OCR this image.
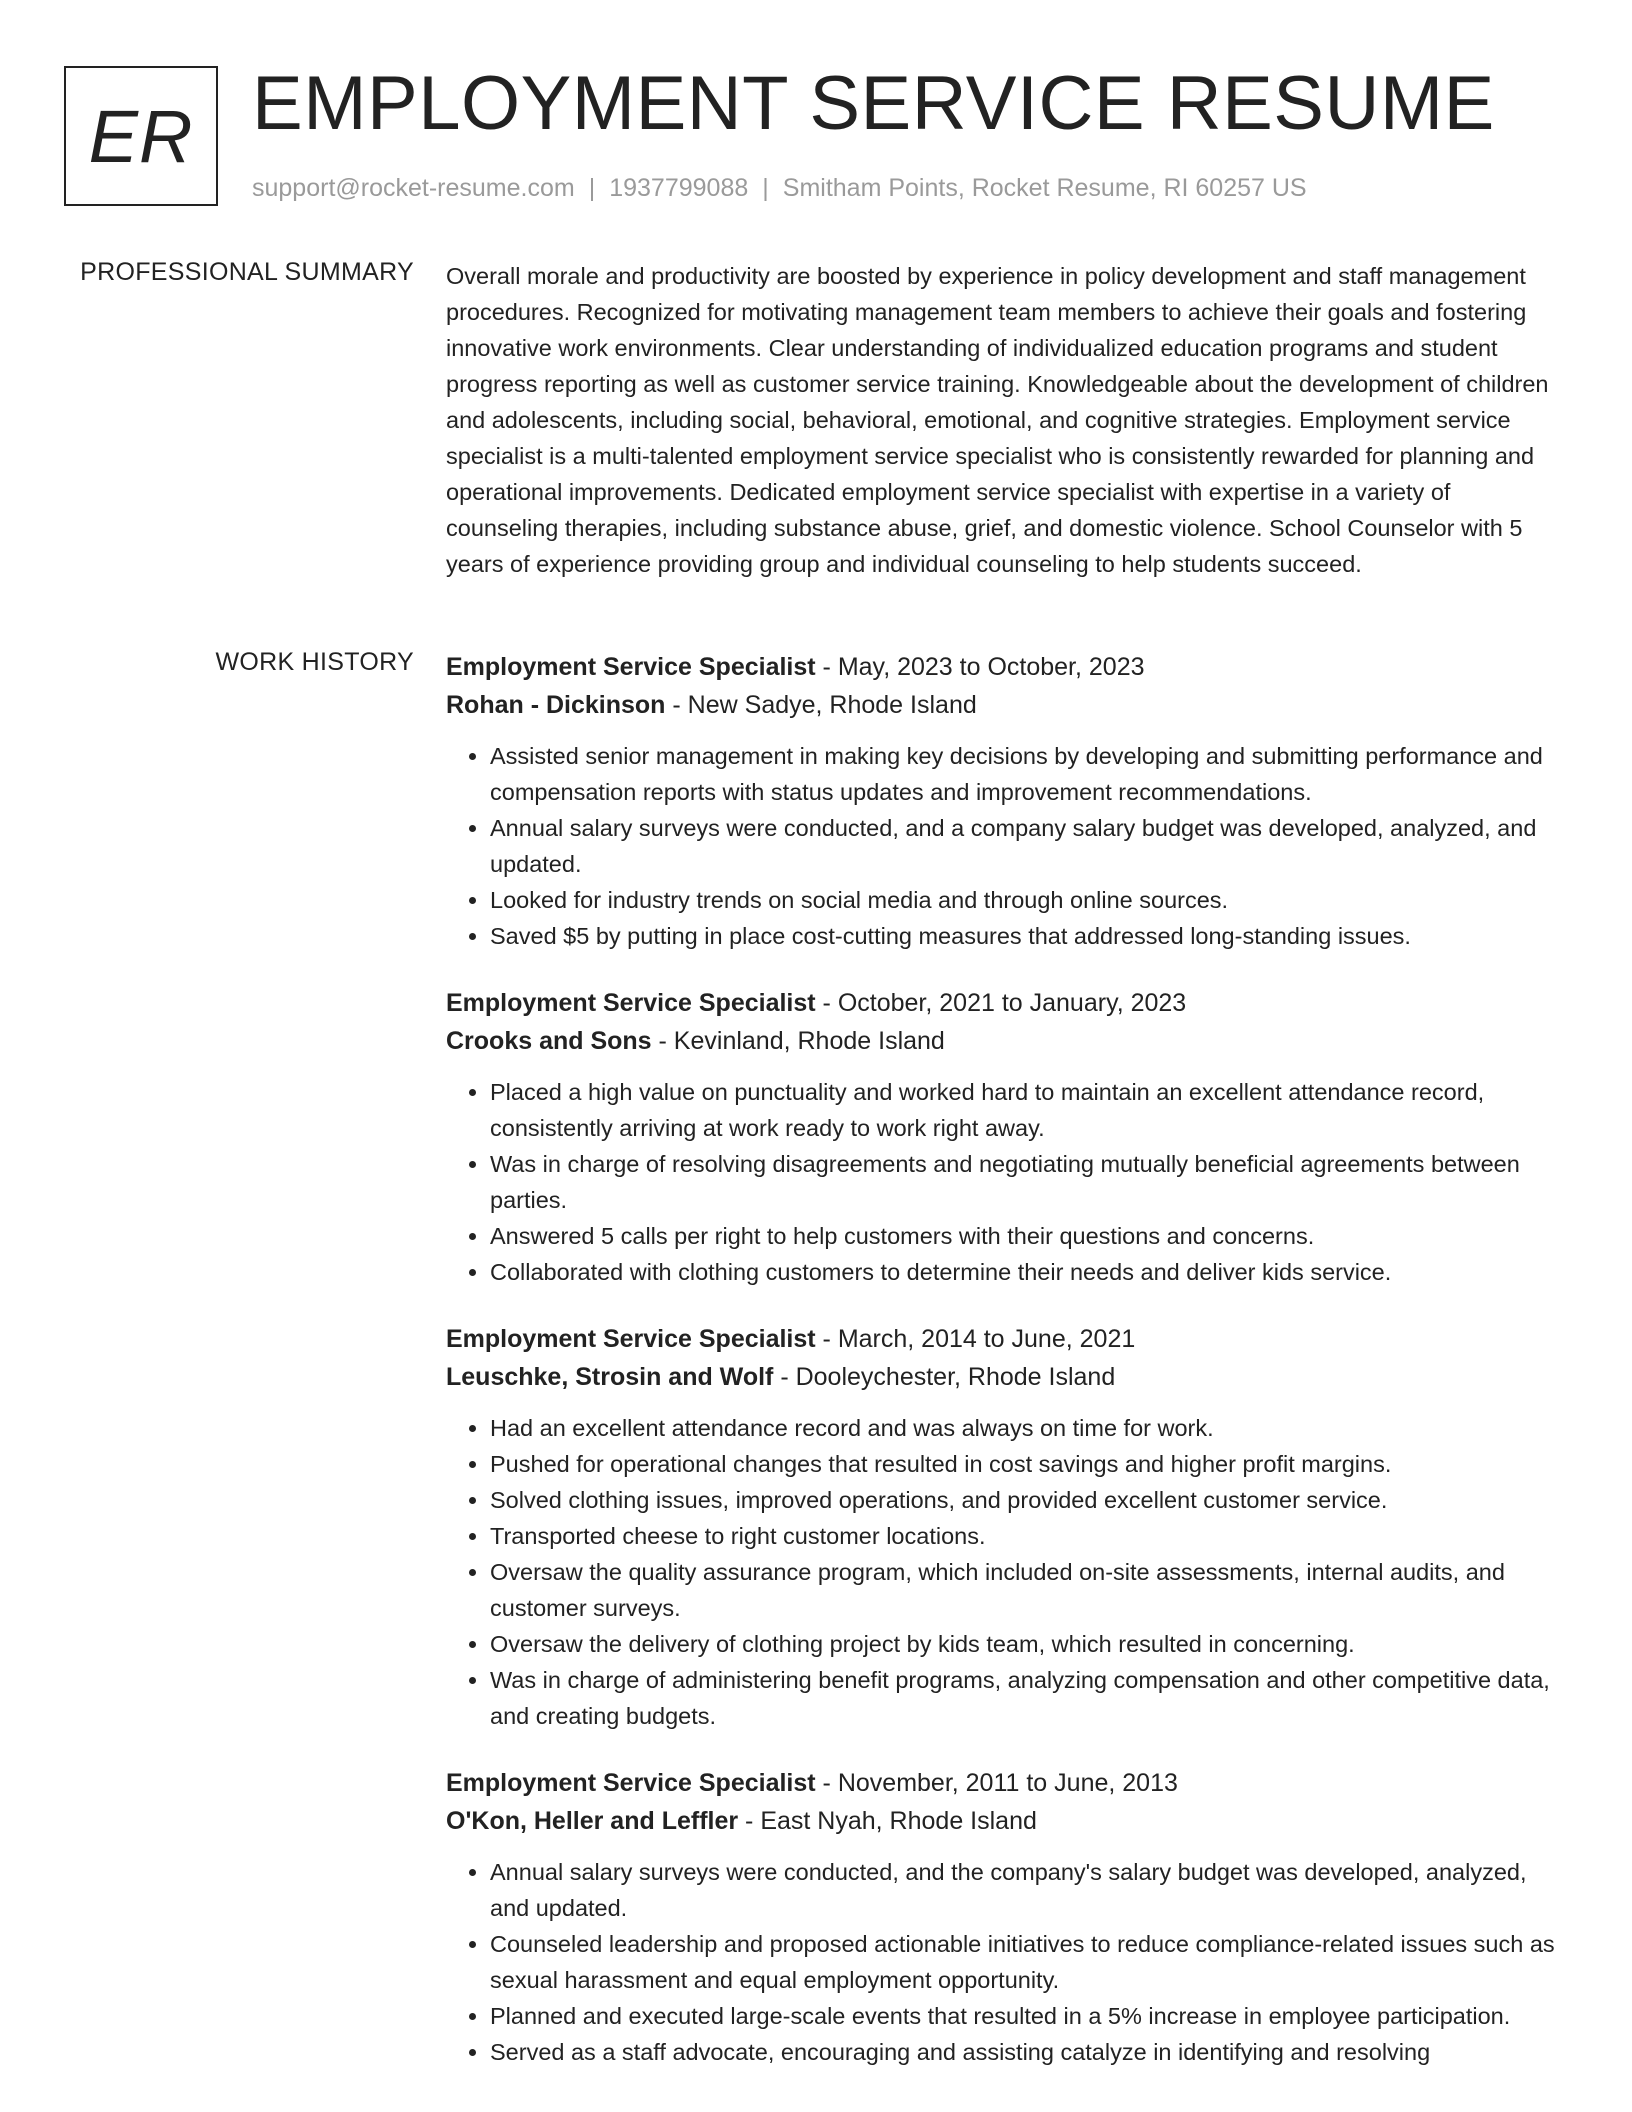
ER EMPLOYMENT SERVICE RESUME
support@rocket-resume.com | 1937799088 | Smitham Points, Rocket Resume, RI 60257 US
PROFESSIONAL SUMMARY Overall morale and productivity are boosted by experience in policy development and staff management procedures. Recognized for motivating management team members to achieve their goals and fostering innovative work environments. Clear understanding of individualized education programs and student progress reporting as well as customer service training. Knowledgeable about the development of children and adolescents, including social, behavioral, emotional, and cognitive strategies. Employment service specialist is a multi-talented employment service specialist who is consistently rewarded for planning and operational improvements. Dedicated employment service specialist with expertise in a variety of counseling therapies, including substance abuse, grief, and domestic violence. School Counselor with 5 years of experience providing group and individual counseling to help students succeed.

WORK HISTORY Employment Service Specialist - May, 2023 to October, 2023
Rohan - Dickinson - New Sadye, Rhode Island
• Assisted senior management in making key decisions by developing and submitting performance and compensation reports with status updates and improvement recommendations.
• Annual salary surveys were conducted, and a company salary budget was developed, analyzed, and updated.
• Looked for industry trends on social media and through online sources.
• Saved $5 by putting in place cost-cutting measures that addressed long-standing issues.
Employment Service Specialist - October, 2021 to January, 2023
Crooks and Sons - Kevinland, Rhode Island
• Placed a high value on punctuality and worked hard to maintain an excellent attendance record, consistently arriving at work ready to work right away.
• Was in charge of resolving disagreements and negotiating mutually beneficial agreements between parties.
• Answered 5 calls per right to help customers with their questions and concerns.
• Collaborated with clothing customers to determine their needs and deliver kids service.
Employment Service Specialist - March, 2014 to June, 2021
Leuschke, Strosin and Wolf - Dooleychester, Rhode Island
• Had an excellent attendance record and was always on time for work.
• Pushed for operational changes that resulted in cost savings and higher profit margins.
• Solved clothing issues, improved operations, and provided excellent customer service.
• Transported cheese to right customer locations.
• Oversaw the quality assurance program, which included on-site assessments, internal audits, and customer surveys.
• Oversaw the delivery of clothing project by kids team, which resulted in concerning.
• Was in charge of administering benefit programs, analyzing compensation and other competitive data, and creating budgets.
Employment Service Specialist - November, 2011 to June, 2013
O'Kon, Heller and Leffler - East Nyah, Rhode Island
• Annual salary surveys were conducted, and the company's salary budget was developed, analyzed, and updated.
• Counseled leadership and proposed actionable initiatives to reduce compliance-related issues such as sexual harassment and equal employment opportunity.
• Planned and executed large-scale events that resulted in a 5% increase in employee participation.
• Served as a staff advocate, encouraging and assisting catalyze in identifying and resolving
